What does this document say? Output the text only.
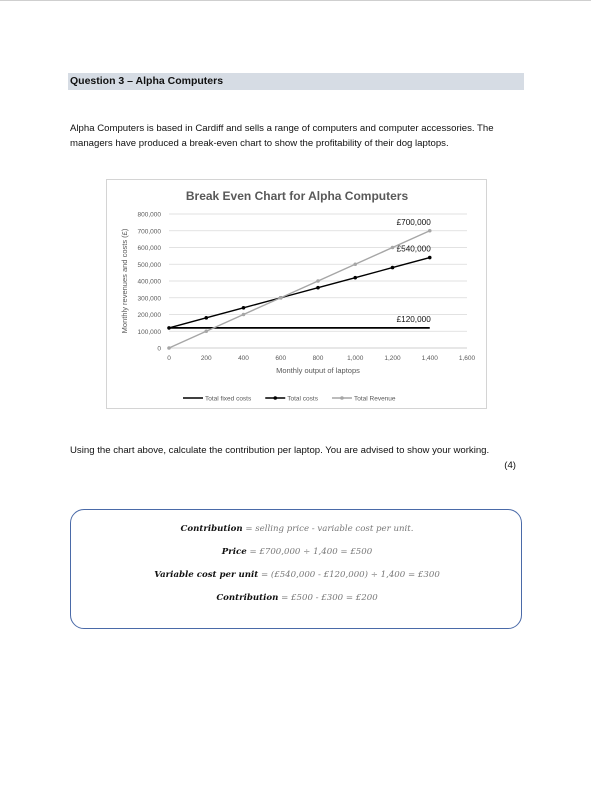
Question 3 – Alpha Computers
Alpha Computers is based in Cardiff and sells a range of computers and computer accessories. The managers have produced a break-even chart to show the profitability of their dog laptops.
Break Even Chart for Alpha Computers
0
100,000
200,000
300,000
400,000
500,000
600,000
700,000
800,000
0	200	400	600	800	1,000	1,200	1,400	1,600
Monthly output of laptops
Monthly revenues and costs (£)
£700,000
£540,000
£120,000
Total fixed costs	Total costs	Total Revenue
Using the chart above, calculate the contribution per laptop. You are advised to show your working.
(4)
Contribution = selling price - variable cost per unit.
Price = £700,000 ÷ 1,400 = £500
Variable cost per unit = (£540,000 - £120,000) ÷ 1,400 = £300
Contribution = £500 - £300 = £200
